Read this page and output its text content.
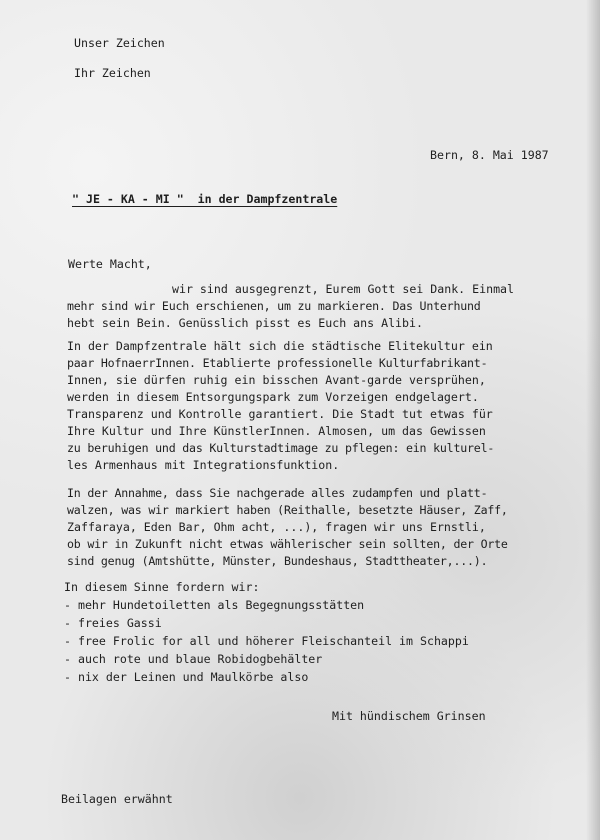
Unser Zeichen
Ihr Zeichen
Bern, 8. Mai 1987
" JE - KA - MI "  in der Dampfzentrale
Werte Macht,
wir sind ausgegrenzt, Eurem Gott sei Dank. Einmal
mehr sind wir Euch erschienen, um zu markieren. Das Unterhund
hebt sein Bein. Genüsslich pisst es Euch ans Alibi.
In der Dampfzentrale hält sich die städtische Elitekultur ein
paar HofnaerrInnen. Etablierte professionelle Kulturfabrikant-
Innen, sie dürfen ruhig ein bisschen Avant-garde versprühen,
werden in diesem Entsorgungspark zum Vorzeigen endgelagert.
Transparenz und Kontrolle garantiert. Die Stadt tut etwas für
Ihre Kultur und Ihre KünstlerInnen. Almosen, um das Gewissen
zu beruhigen und das Kulturstadtimage zu pflegen: ein kulturel-
les Armenhaus mit Integrationsfunktion.
In der Annahme, dass Sie nachgerade alles zudampfen und platt-
walzen, was wir markiert haben (Reithalle, besetzte Häuser, Zaff,
Zaffaraya, Eden Bar, Ohm acht, ...), fragen wir uns Ernstli,
ob wir in Zukunft nicht etwas wählerischer sein sollten, der Orte
sind genug (Amtshütte, Münster, Bundeshaus, Stadttheater,...).
In diesem Sinne fordern wir:
- mehr Hundetoiletten als Begegnungsstätten
- freies Gassi
- free Frolic for all und höherer Fleischanteil im Schappi
- auch rote und blaue Robidogbehälter
- nix der Leinen und Maulkörbe also
Mit hündischem Grinsen
Beilagen erwähnt
